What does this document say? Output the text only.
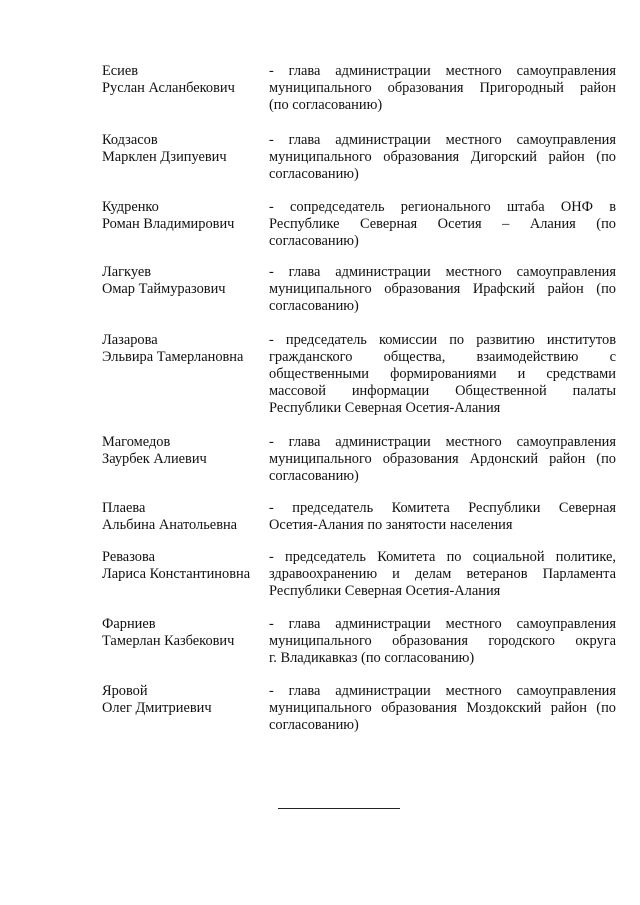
Есиев
Руслан Асланбекович
- глава администрации местного самоуправления
муниципального образования Пригородный район
(по согласованию)
Кодзасов
Марклен Дзипуевич
- глава администрации местного самоуправления
муниципального образования Дигорский район (по
согласованию)
Кудренко
Роман Владимирович
- сопредседатель регионального штаба ОНФ в
Республике Северная Осетия – Алания (по
согласованию)
Лагкуев
Омар Таймуразович
- глава администрации местного самоуправления
муниципального образования Ирафский район (по
согласованию)
Лазарова
Эльвира Тамерлановна
- председатель комиссии по развитию институтов
гражданского общества, взаимодействию с
общественными формированиями и средствами
массовой информации Общественной палаты
Республики Северная Осетия-Алания
Магомедов
Заурбек Алиевич
- глава администрации местного самоуправления
муниципального образования Ардонский район (по
согласованию)
Плаева
Альбина Анатольевна
- председатель Комитета Республики Северная
Осетия-Алания по занятости населения
Ревазова
Лариса Константиновна
- председатель Комитета по социальной политике,
здравоохранению и делам ветеранов Парламента
Республики Северная Осетия-Алания
Фарниев
Тамерлан Казбекович
- глава администрации местного самоуправления
муниципального образования городского округа
г. Владикавказ (по согласованию)
Яровой
Олег Дмитриевич
- глава администрации местного самоуправления
муниципального образования Моздокский район (по
согласованию)
